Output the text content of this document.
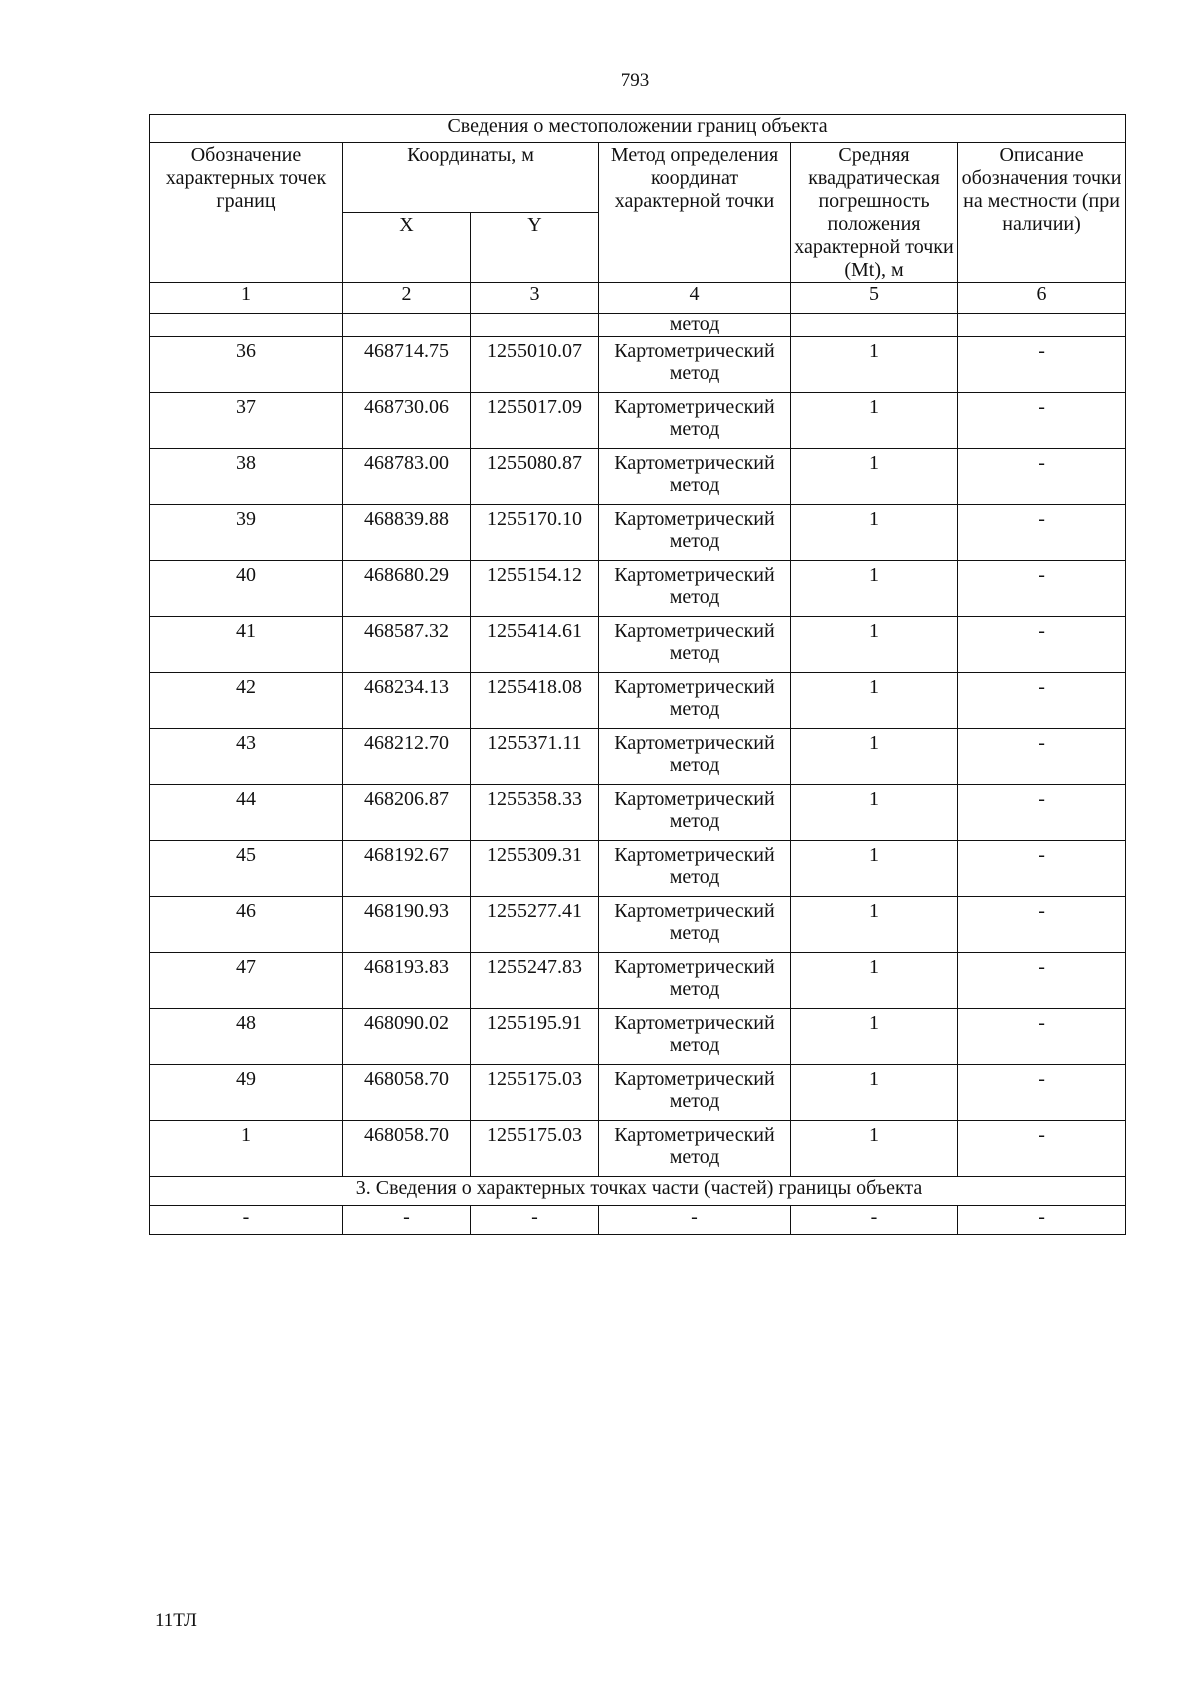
793
Сведения о местоположении границ объекта					
Обозначение характерных точек границ	Координаты, м		Метод определения координат характерной точки	Средняя квадратическая погрешность положения характерной точки (Mt), м	Описание обозначения точки на местности (при наличии)
	X	Y			
1	2	3	4	5	6
			метод		
36	468714.75	1255010.07	Картометрический метод	1	-
37	468730.06	1255017.09	Картометрический метод	1	-
38	468783.00	1255080.87	Картометрический метод	1	-
39	468839.88	1255170.10	Картометрический метод	1	-
40	468680.29	1255154.12	Картометрический метод	1	-
41	468587.32	1255414.61	Картометрический метод	1	-
42	468234.13	1255418.08	Картометрический метод	1	-
43	468212.70	1255371.11	Картометрический метод	1	-
44	468206.87	1255358.33	Картометрический метод	1	-
45	468192.67	1255309.31	Картометрический метод	1	-
46	468190.93	1255277.41	Картометрический метод	1	-
47	468193.83	1255247.83	Картометрический метод	1	-
48	468090.02	1255195.91	Картометрический метод	1	-
49	468058.70	1255175.03	Картометрический метод	1	-
1	468058.70	1255175.03	Картометрический метод	1	-
3. Сведения о характерных точках части (частей) границы объекта					
-	-	-	-	-	-
11ТЛ
